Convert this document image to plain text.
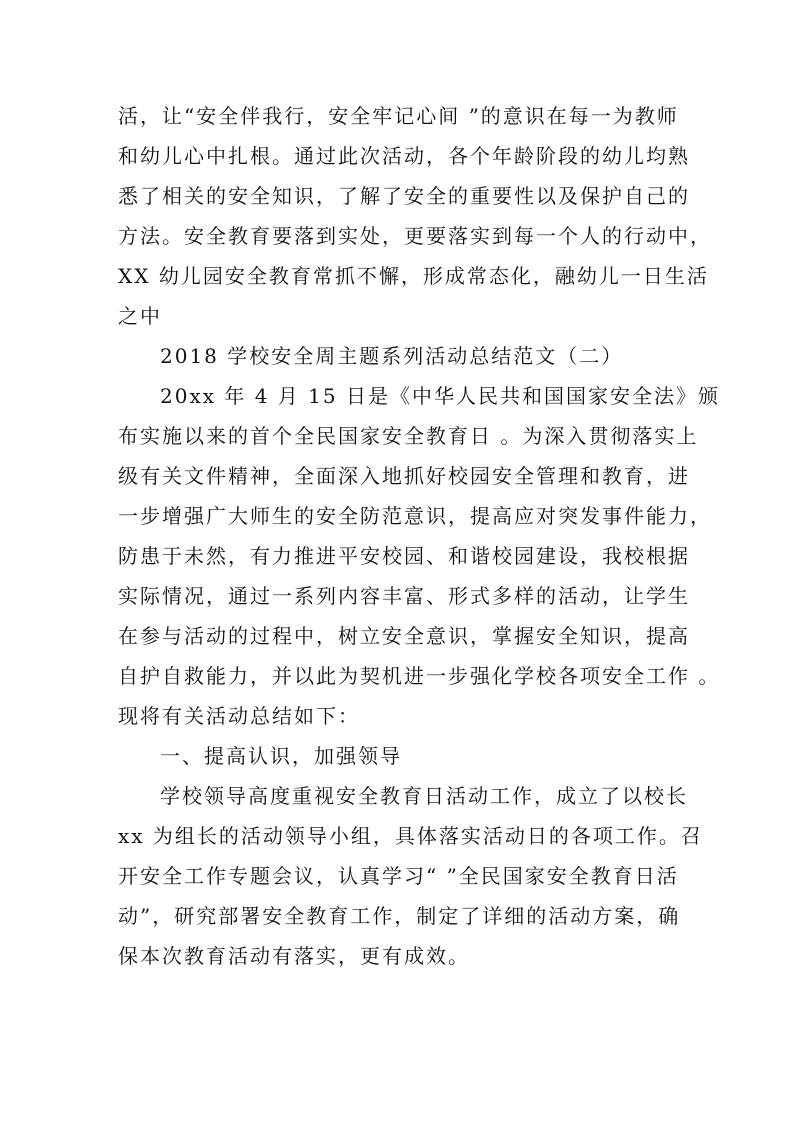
活，让“安全伴我行，安全牢记心间 ”的意识在每一为教师
和幼儿心中扎根。通过此次活动，各个年龄阶段的幼儿均熟
悉了相关的安全知识，了解了安全的重要性以及保护自己的
方法。安全教育要落到实处，更要落实到每一个人的行动中，
XX 幼儿园安全教育常抓不懈，形成常态化，融幼儿一日生活
之中
2018 学校安全周主题系列活动总结范文（二）
20xx 年 4 月 15 日是《中华人民共和国国家安全法》颁
布实施以来的首个全民国家安全教育日 。为深入贯彻落实上
级有关文件精神，全面深入地抓好校园安全管理和教育，进
一步增强广大师生的安全防范意识，提高应对突发事件能力，
防患于未然，有力推进平安校园、和谐校园建设，我校根据
实际情况，通过一系列内容丰富、形式多样的活动，让学生
在参与活动的过程中，树立安全意识，掌握安全知识，提高
自护自救能力，并以此为契机进一步强化学校各项安全工作 。
现将有关活动总结如下：
一、提高认识，加强领导
学校领导高度重视安全教育日活动工作，成立了以校长
xx 为组长的活动领导小组，具体落实活动日的各项工作。召
开安全工作专题会议，认真学习“ ”全民国家安全教育日活
动”，研究部署安全教育工作，制定了详细的活动方案，确
保本次教育活动有落实，更有成效。
